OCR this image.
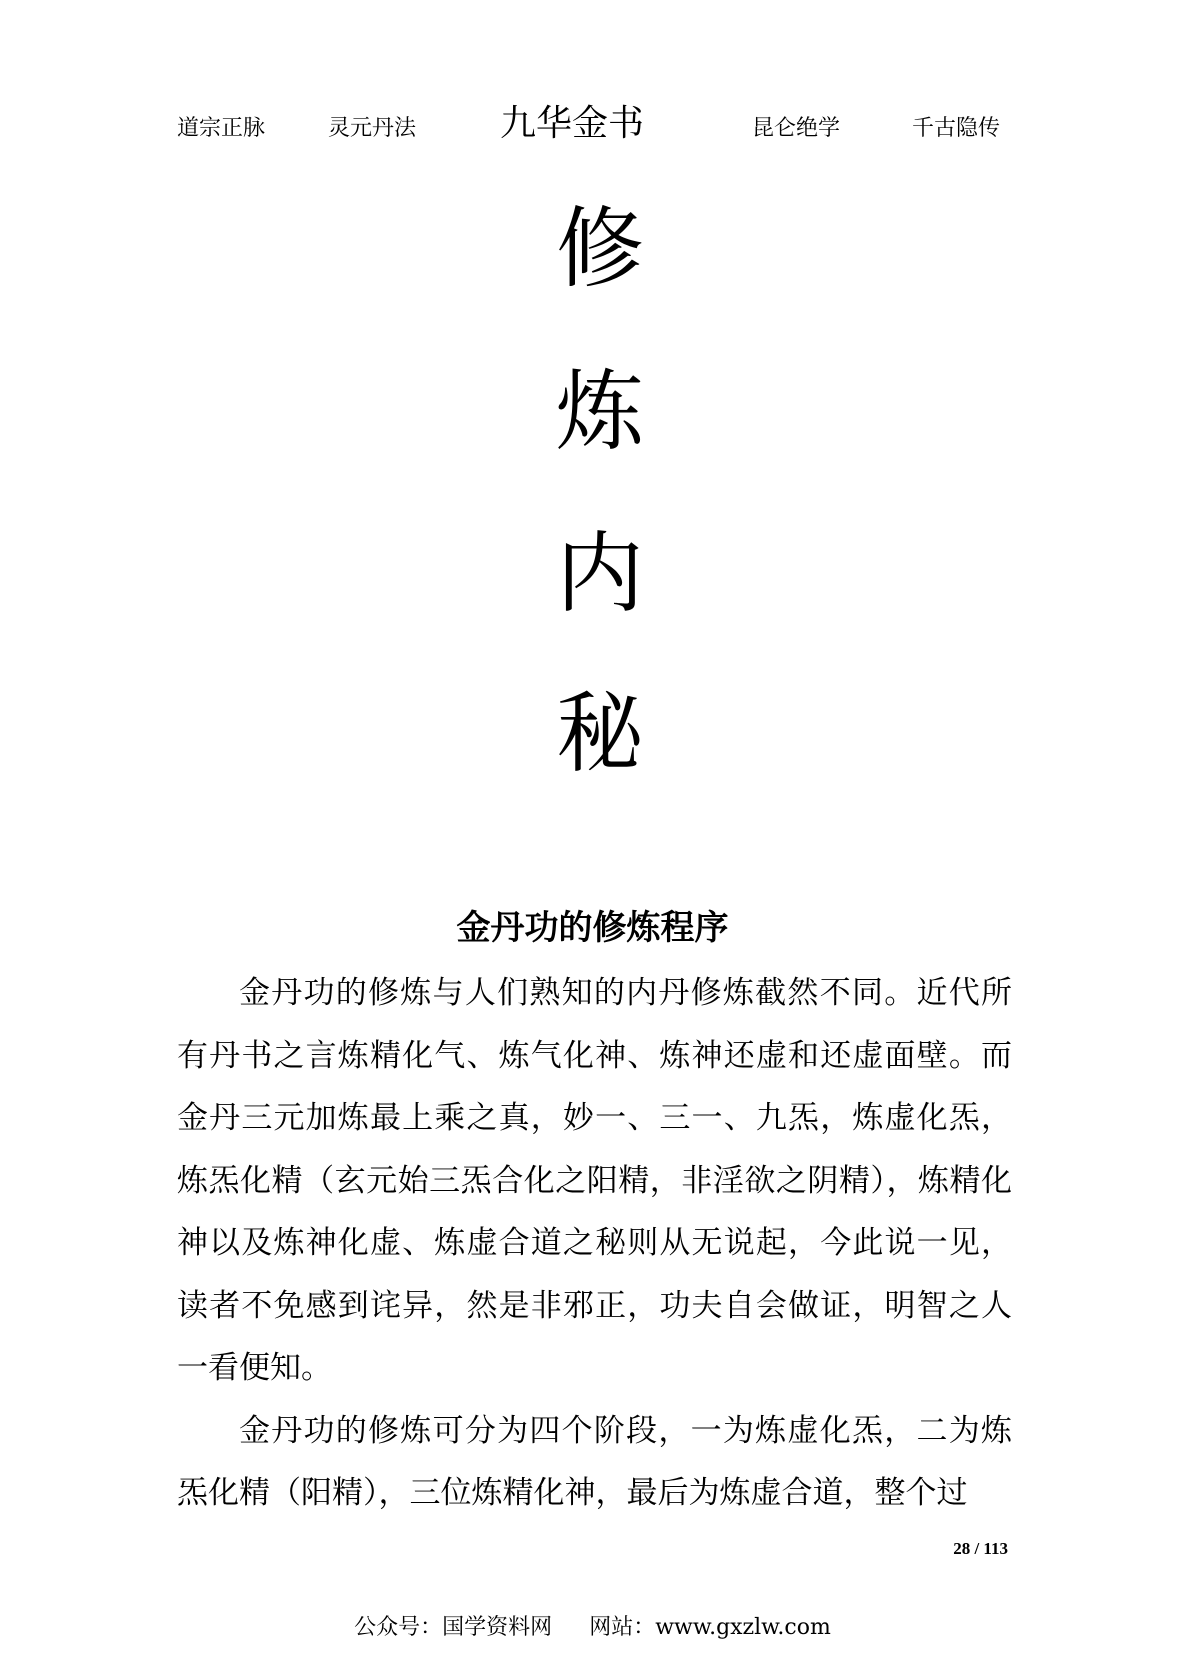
道宗正脉	灵元丹法 九华金书	昆仑绝学	千古隐传
修
炼
内
秘
金丹功的修炼程序

金丹功的修炼与人们熟知的内丹修炼截然不同。近代所有丹书之言炼精化气、炼气化神、炼神还虚和还虚面壁。而金丹三元加炼最上乘之真，妙一、三一、九炁，炼虚化炁，炼炁化精（玄元始三炁合化之阳精，非淫欲之阴精），炼精化神以及炼神化虚、炼虚合道之秘则从无说起，今此说一见，读者不免感到诧异，然是非邪正，功夫自会做证，明智之人一看便知。

金丹功的修炼可分为四个阶段，一为炼虚化炁，二为炼炁化精（阳精），三位炼精化神，最后为炼虚合道，整个过

28 / 113
公众号：国学资料网 网站：www.gxzlw.com
